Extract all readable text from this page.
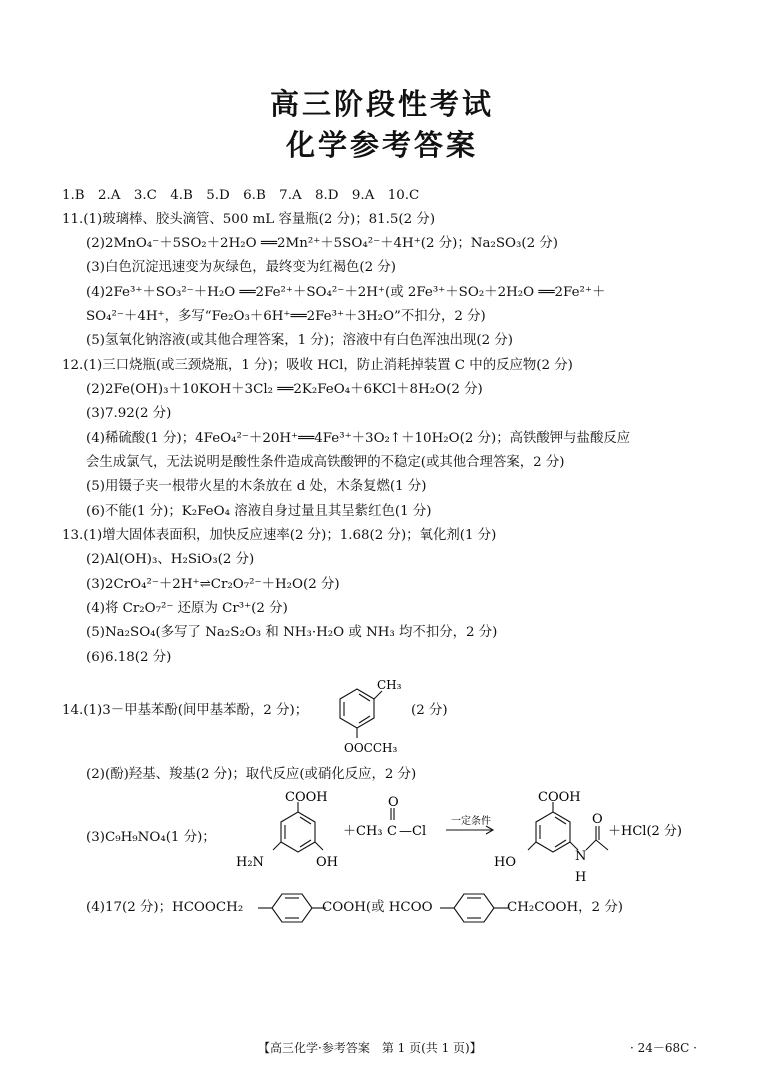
高三阶段性考试
化学参考答案
1.B　2.A　3.C　4.B　5.D　6.B　7.A　8.D　9.A　10.C
11.(1)玻璃棒、胶头滴管、500 mL 容量瓶(2 分)；81.5(2 分)
(2)2MnO₄⁻＋5SO₂＋2H₂O ══2Mn²⁺＋5SO₄²⁻＋4H⁺(2 分)；Na₂SO₃(2 分)
(3)白色沉淀迅速变为灰绿色，最终变为红褐色(2 分)
(4)2Fe³⁺＋SO₃²⁻＋H₂O ══2Fe²⁺＋SO₄²⁻＋2H⁺(或 2Fe³⁺＋SO₂＋2H₂O ══2Fe²⁺＋
SO₄²⁻＋4H⁺，多写“Fe₂O₃＋6H⁺══2Fe³⁺＋3H₂O”不扣分，2 分)
(5)氢氧化钠溶液(或其他合理答案，1 分)；溶液中有白色浑浊出现(2 分)
12.(1)三口烧瓶(或三颈烧瓶，1 分)；吸收 HCl，防止消耗掉装置 C 中的反应物(2 分)
(2)2Fe(OH)₃＋10KOH＋3Cl₂ ══2K₂FeO₄＋6KCl＋8H₂O(2 分)
(3)7.92(2 分)
(4)稀硫酸(1 分)；4FeO₄²⁻＋20H⁺══4Fe³⁺＋3O₂↑＋10H₂O(2 分)；高铁酸钾与盐酸反应
会生成氯气，无法说明是酸性条件造成高铁酸钾的不稳定(或其他合理答案，2 分)
(5)用镊子夹一根带火星的木条放在 d 处，木条复燃(1 分)
(6)不能(1 分)；K₂FeO₄ 溶液自身过量且其呈紫红色(1 分)
13.(1)增大固体表面积，加快反应速率(2 分)；1.68(2 分)；氧化剂(1 分)
(2)Al(OH)₃、H₂SiO₃(2 分)
(3)2CrO₄²⁻＋2H⁺⇌Cr₂O₇²⁻＋H₂O(2 分)
(4)将 Cr₂O₇²⁻ 还原为 Cr³⁺(2 分)
(5)Na₂SO₄(多写了 Na₂S₂O₃ 和 NH₃·H₂O 或 NH₃ 均不扣分，2 分)
(6)6.18(2 分)
14.(1)3－甲基苯酚(间甲基苯酚，2 分)；	(2 分)
CH₃
OOCCH₃
(2)(酚)羟基、羧基(2 分)；取代反应(或硝化反应，2 分)
(3)C₉H₉NO₄(1 分)；
COOH
H₂N	OH
O
＋CH₃ C —Cl
一定条件
COOH
HO	N
H
O
＋HCl(2 分)
(4)17(2 分)；HCOOCH₂	COOH(或 HCOO	CH₂COOH，2 分)
【高三化学·参考答案　第 1 页(共 1 页)】	· 24－68C ·
